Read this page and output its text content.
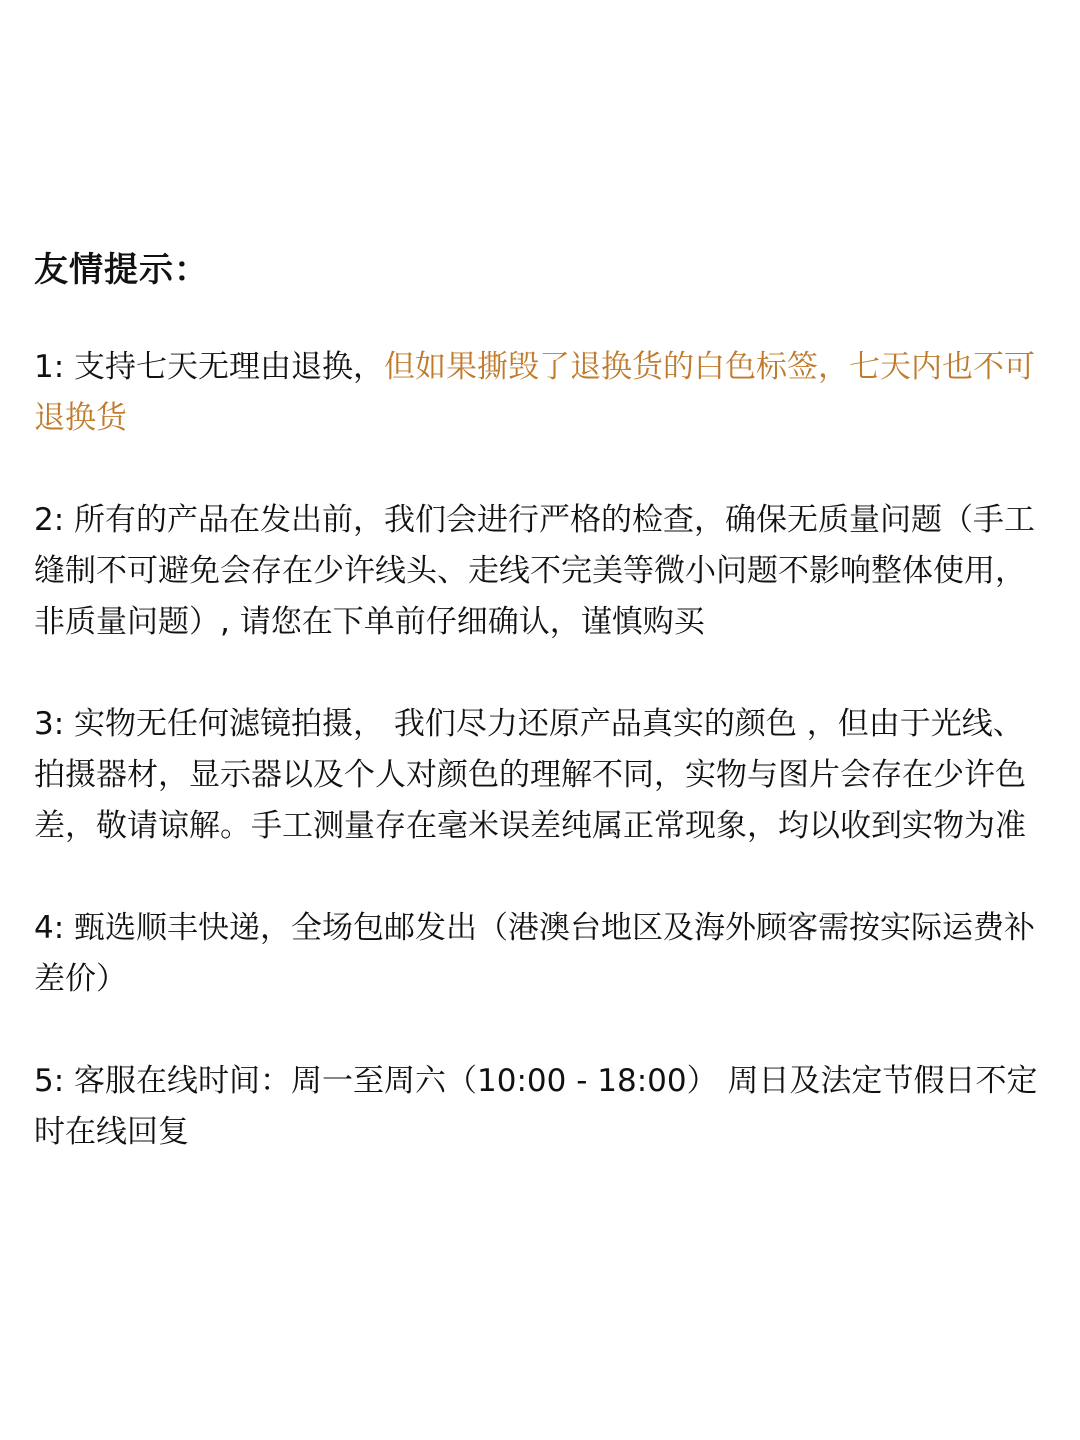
友情提示：
1: 支持七天无理由退换，但如果撕毁了退换货的白色标签，七天内也不可退换货
2: 所有的产品在发出前，我们会进行严格的检查，确保无质量问题（手工缝制不可避免会存在少许线头、走线不完美等微小问题不影响整体使用，非质量问题）, 请您在下单前仔细确认，谨慎购买
3: 实物无任何滤镜拍摄， 我们尽力还原产品真实的颜色 ，但由于光线、拍摄器材，显示器以及个人对颜色的理解不同，实物与图片会存在少许色差，敬请谅解。手工测量存在毫米误差纯属正常现象，均以收到实物为准
4: 甄选顺丰快递，全场包邮发出（港澳台地区及海外顾客需按实际运费补差价）
5: 客服在线时间：周一至周六（10:00 - 18:00） 周日及法定节假日不定时在线回复
